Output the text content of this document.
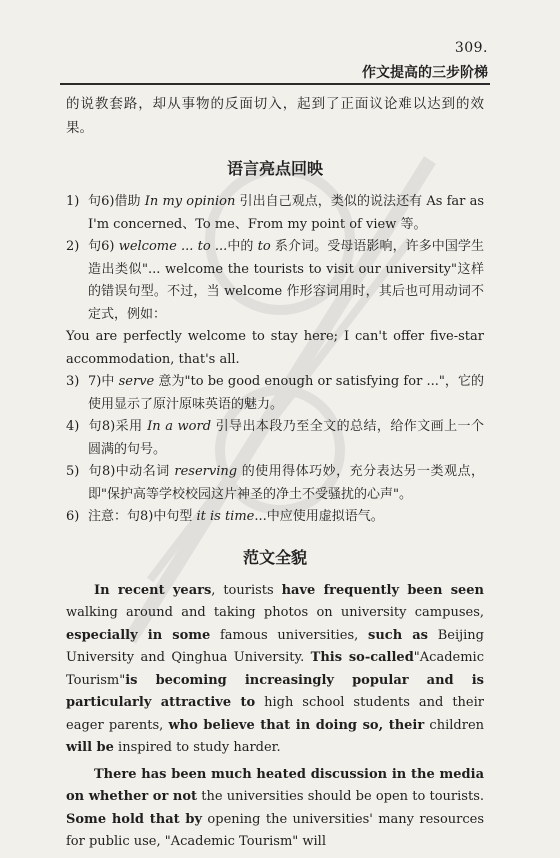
309.
作文提高的三步阶梯

的说教套路，却从事物的反面切入，起到了正面议论难以达到的效果。

语言亮点回映
1) 句6)借助 In my opinion 引出自己观点，类似的说法还有 As far as I'm concerned、To me、From my point of view 等。
2) 句6) welcome ... to ...中的 to 系介词。受母语影响，许多中国学生造出类似"... welcome the tourists to visit our university"这样的错误句型。不过，当 welcome 作形容词用时，其后也可用动词不定式，例如：
You are perfectly welcome to stay here; I can't offer five-star accommodation, that's all.
3) 7)中 serve 意为"to be good enough or satisfying for ..."，它的使用显示了原汁原味英语的魅力。
4) 句8)采用 In a word 引导出本段乃至全文的总结，给作文画上一个圆满的句号。
5) 句8)中动名词 reserving 的使用得体巧妙，充分表达另一类观点，即"保护高等学校校园这片神圣的净土不受骚扰的心声"。
6) 注意：句8)中句型 it is time...中应使用虚拟语气。
范文全貌

In recent years, tourists have frequently been seen walking around and taking photos on university campuses, especially in some famous universities, such as Beijing University and Qinghua University. This so-called"Academic Tourism"is becoming increasingly popular and is particularly attractive to high school students and their eager parents, who believe that in doing so, their children will be inspired to study harder.

There has been much heated discussion in the media on whether or not the universities should be open to tourists. Some hold that by opening the universities' many resources for public use, "Academic Tourism" will
